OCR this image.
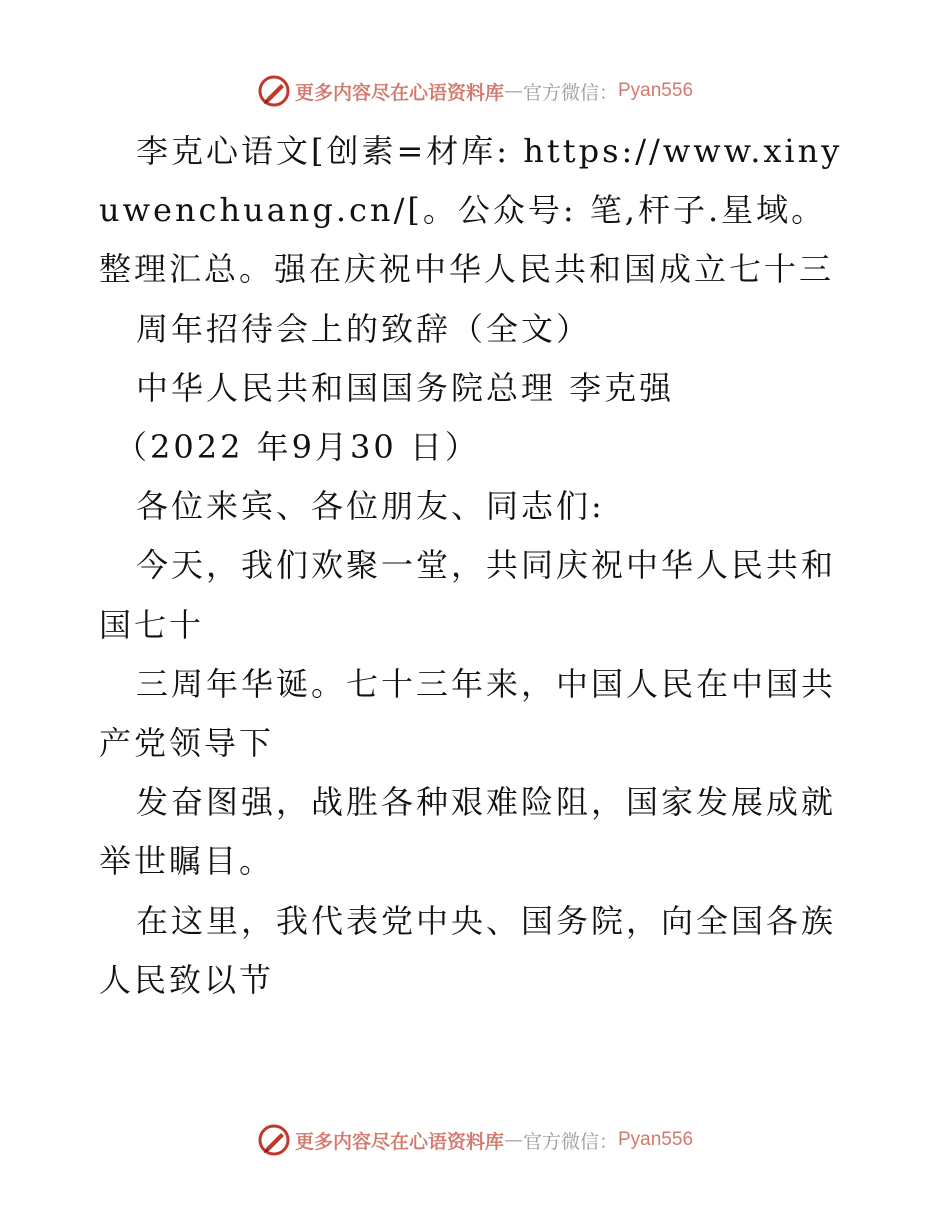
更多内容尽在心语资料库 — 官方微信： Pyan556

李克心语文[创素=材库: https://www.xinyuwenchuang.cn/[。公众号: 笔,杆子.星域。整理汇总。强在庆祝中华人民共和国成立七十三

周年招待会上的致辞（全文）

中华人民共和国国务院总理 李克强

（2022 年9月30 日）

各位来宾、各位朋友、同志们:

今天，我们欢聚一堂，共同庆祝中华人民共和国七十

三周年华诞。七十三年来，中国人民在中国共产党领导下

发奋图强，战胜各种艰难险阻，国家发展成就举世瞩目。

在这里，我代表党中央、国务院，向全国各族人民致以节

更多内容尽在心语资料库 — 官方微信： Pyan556
